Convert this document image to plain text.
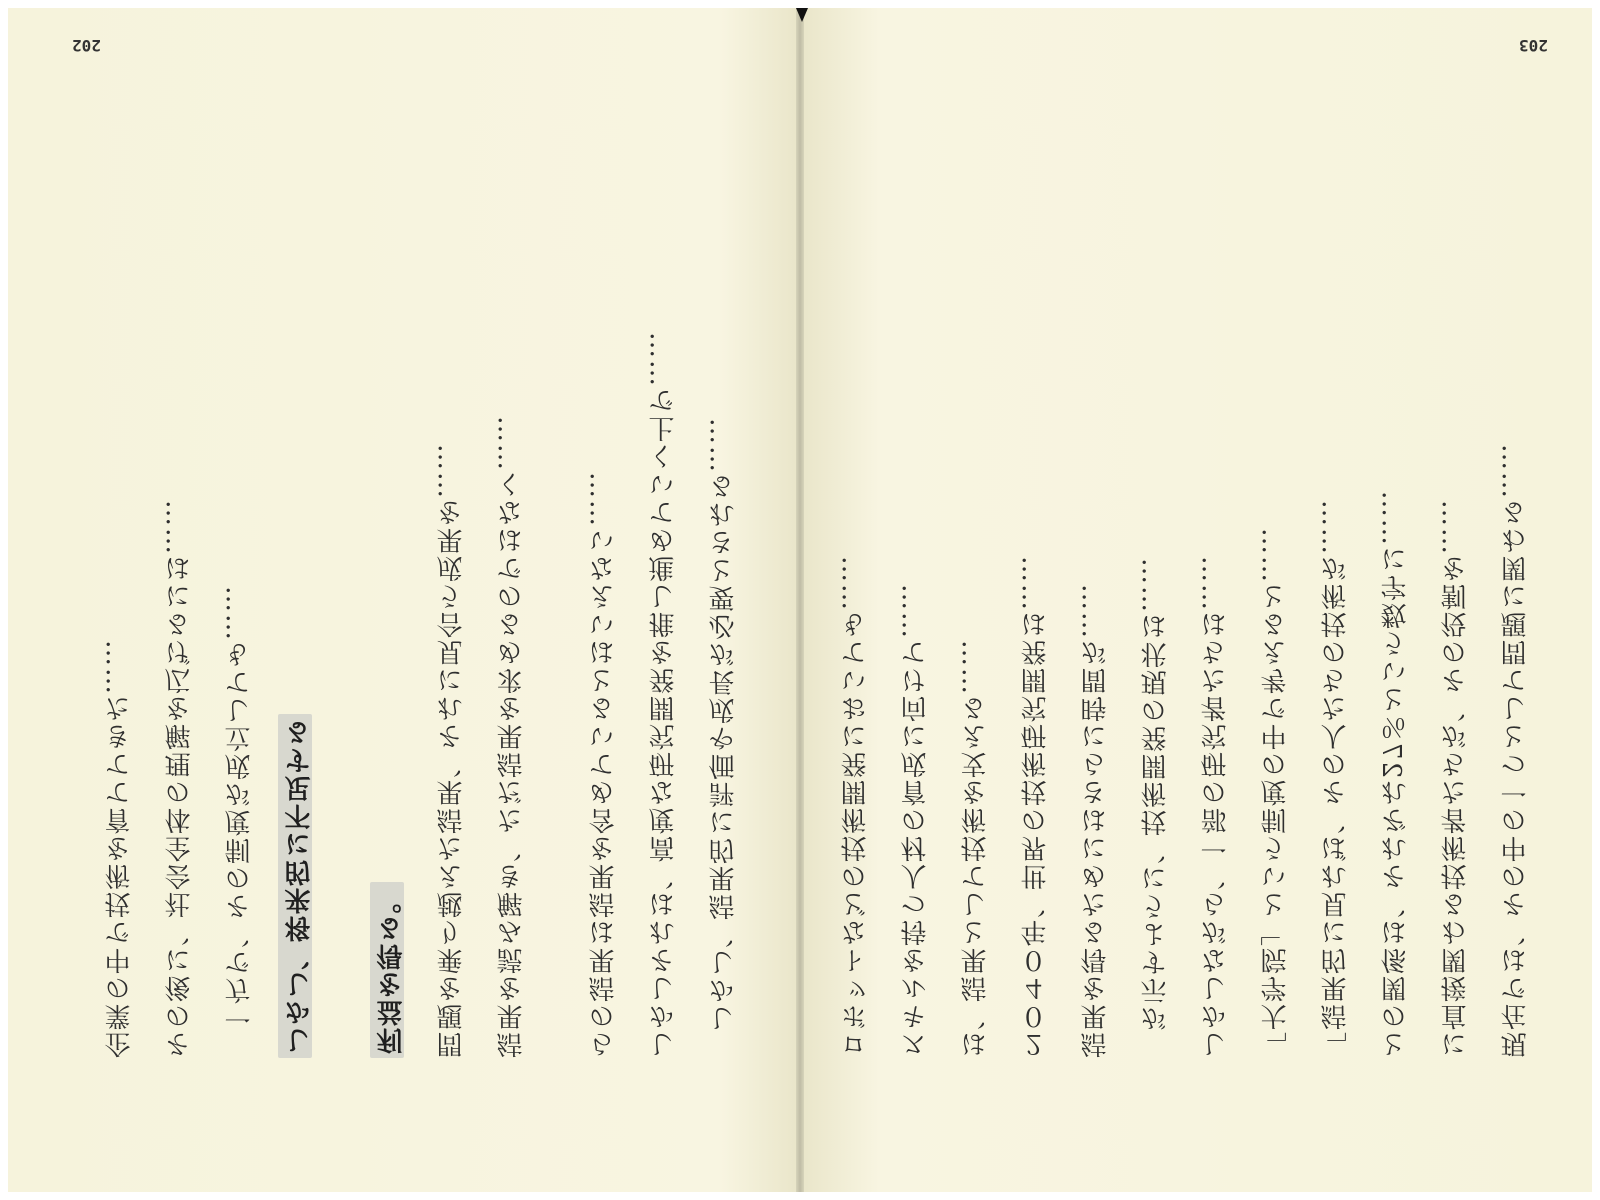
202
しかし、結果的に評価や成長が必要とされる……
しかしそれは、高度な研究開発を推し進めていく上で……
らの結果は結果を含めているとはいえない……
結果を読み解き、ただ結果を求めるのではなく……
問題を乗り越えた結果、それに見合う成果を……
利益を得る。
しかし、将来的に不足する
一方で、その制度が成立しても……
その後に、社会全体の理解を広げるには……
企業の中で技術を育ててきた……
203
現在では、その中の一つとして問題に関わる……
に直接関わる技術者たちが、その役割を……
との関係は、それぞれ27％という数字に……
「結果的に見れば、その人たちの技術が……
「大学院」という制度の中で考えると……
しかしながら、一部の研究者たちは……
が示すように、技術開発の現状は……
結果を得るためにはさらに時間が……
２０４０年、世界の技術研究開発は……
は、結果として技術を支える……
スキルを持つ人材の育成に向けて……
ロボットなどの技術開発においても……
